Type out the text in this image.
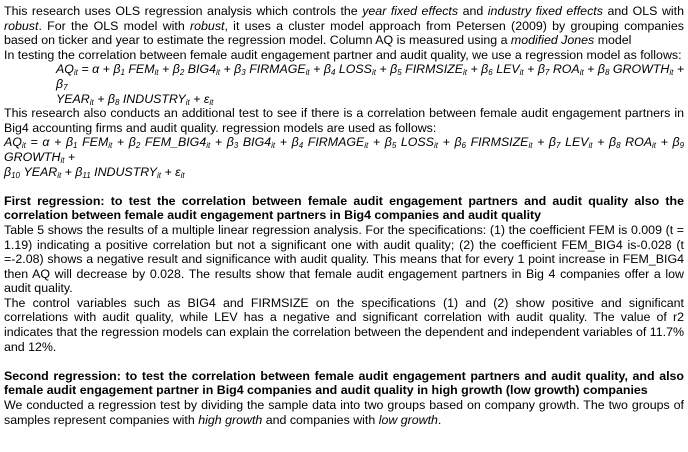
This research uses OLS regression analysis which controls the year fixed effects and industry fixed effects and OLS with robust. For the OLS model with robust, it uses a cluster model approach from Petersen (2009) by grouping companies based on ticker and year to estimate the regression model. Column AQ is measured using a modified Jones model

In testing the correlation between female audit engagement partner and audit quality, we use a regression model as follows:

$AQ_{it} = \alpha + \beta_1$ $FEM_{it} + \beta_2$ $BIG4_{it} + \beta_3$ $FIRMAGE_{it} + \beta_4$ $LOSS_{it} + \beta_5$ $FIRMSIZE_{it} + \beta_6$ $LEV_{it} + \beta_7$ $ROA_{it} + \beta_8$ $GROWTH_{it} + \beta_7$
$YEAR_{it} + \beta_8$ $INDUSTRY_{it} + \varepsilon_{it}$

This research also conducts an additional test to see if there is a correlation between female audit engagement partners in Big4 accounting firms and audit quality. regression models are used as follows:

$AQ_{it} = \alpha + \beta_1$ $FEM_{it} + \beta_2$ $FEM\_BIG4_{it} + \beta_3$ $BIG4_{it} + \beta_4$ $FIRMAGE_{it} + \beta_5$ $LOSS_{it} + \beta_6$ $FIRMSIZE_{it} + \beta_7$ $LEV_{it} + \beta_8$ $ROA_{it} + \beta_9$ $GROWTH_{it}$ +
$\beta_{10}$ $YEAR_{it} + \beta_{11}$ $INDUSTRY_{it} + \varepsilon_{it}$

First regression: to test the correlation between female audit engagement partners and audit quality also the correlation between female audit engagement partners in Big4 companies and audit quality

Table 5 shows the results of a multiple linear regression analysis. For the specifications: (1) the coefficient FEM is 0.009 (t = 1.19) indicating a positive correlation but not a significant one with audit quality; (2) the coefficient FEM_BIG4 is-0.028 (t =-2.08) shows a negative result and significance with audit quality. This means that for every 1 point increase in FEM_BIG4 then AQ will decrease by 0.028. The results show that female audit engagement partners in Big 4 companies offer a low audit quality.

The control variables such as BIG4 and FIRMSIZE on the specifications (1) and (2) show positive and significant correlations with audit quality, while LEV has a negative and significant correlation with audit quality. The value of r2 indicates that the regression models can explain the correlation between the dependent and independent variables of 11.7% and 12%.

Second regression: to test the correlation between female audit engagement partners and audit quality, and also female audit engagement partner in Big4 companies and audit quality in high growth (low growth) companies

We conducted a regression test by dividing the sample data into two groups based on company growth. The two groups of samples represent companies with high growth and companies with low growth.
